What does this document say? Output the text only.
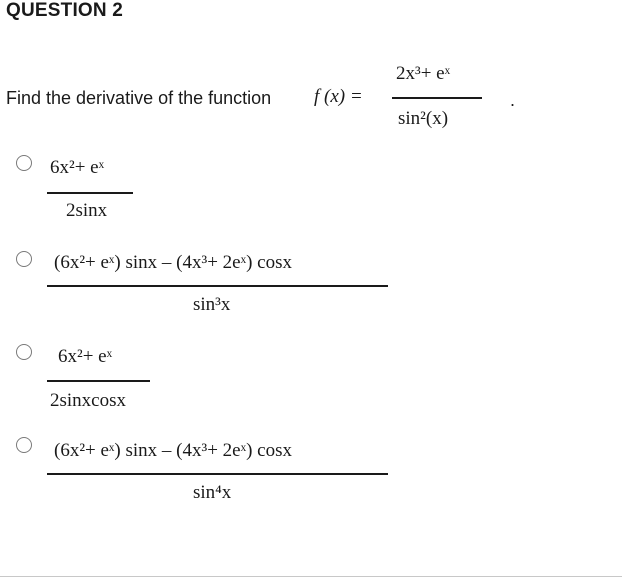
QUESTION 2
Find the derivative of the function f (x) =
2x³+ eˣ
sin²(x)
.
6x²+ eˣ
2sinx
(6x²+ eˣ) sinx – (4x³+ 2eˣ) cosx
sin³x
6x²+ eˣ
2sinxcosx
(6x²+ eˣ) sinx – (4x³+ 2eˣ) cosx
sin⁴x
